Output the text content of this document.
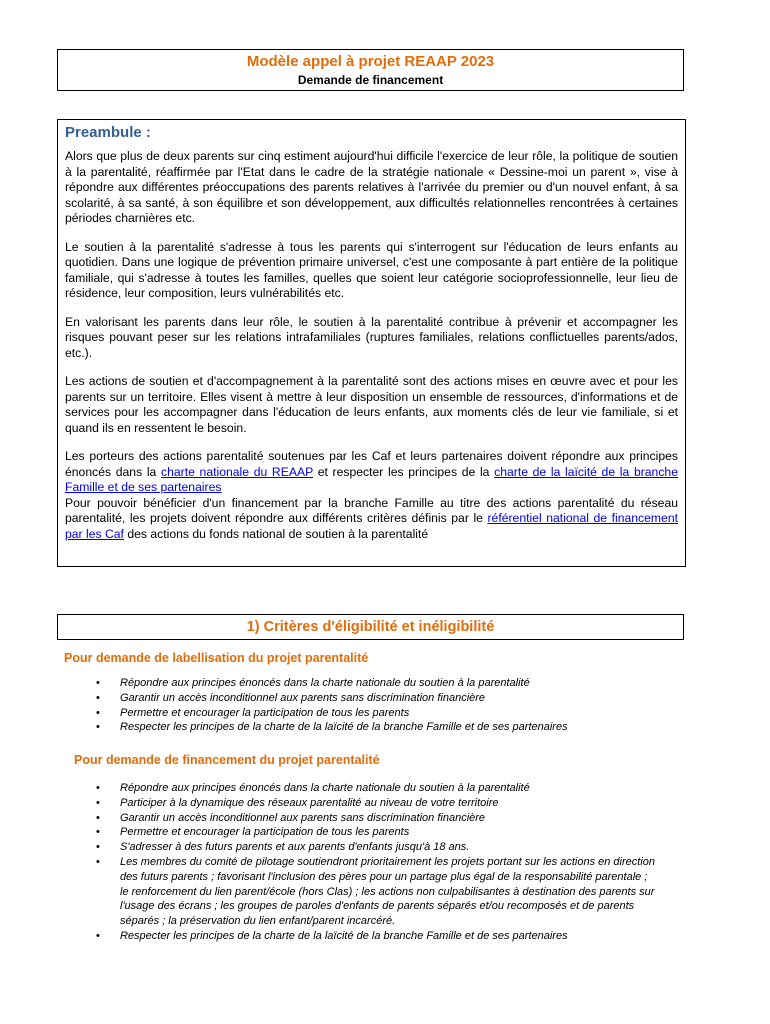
Modèle appel à projet REAAP 2023
Demande de financement
Preambule :

Alors que plus de deux parents sur cinq estiment aujourd'hui difficile l'exercice de leur rôle, la politique de soutien à la parentalité, réaffirmée par l'Etat dans le cadre de la stratégie nationale « Dessine-moi un parent », vise à répondre aux différentes préoccupations des parents relatives à l'arrivée du premier ou d'un nouvel enfant, à sa scolarité, à sa santé, à son équilibre et son développement, aux difficultés relationnelles rencontrées à certaines périodes charnières etc.

Le soutien à la parentalité s'adresse à tous les parents qui s'interrogent sur l'éducation de leurs enfants au quotidien. Dans une logique de prévention primaire universel, c'est une composante à part entière de la politique familiale, qui s'adresse à toutes les familles, quelles que soient leur catégorie socioprofessionnelle, leur lieu de résidence, leur composition, leurs vulnérabilités etc.

En valorisant les parents dans leur rôle, le soutien à la parentalité contribue à prévenir et accompagner les risques pouvant peser sur les relations intrafamiliales (ruptures familiales, relations conflictuelles parents/ados, etc.).

Les actions de soutien et d'accompagnement à la parentalité sont des actions mises en œuvre avec et pour les parents sur un territoire. Elles visent à mettre à leur disposition un ensemble de ressources, d'informations et de services pour les accompagner dans l'éducation de leurs enfants, aux moments clés de leur vie familiale, si et quand ils en ressentent le besoin.

Les porteurs des actions parentalité soutenues par les Caf et leurs partenaires doivent répondre aux principes énoncés dans la charte nationale du REAAP et respecter les principes de la charte de la laïcité de la branche Famille et de ses partenaires

Pour pouvoir bénéficier d'un financement par la branche Famille au titre des actions parentalité du réseau parentalité, les projets doivent répondre aux différents critères définis par le référentiel national de financement par les Caf des actions du fonds national de soutien à la parentalité

1) Critères d'éligibilité et inéligibilité
Pour demande de labellisation du projet parentalité
• Répondre aux principes énoncés dans la charte nationale du soutien à la parentalité
• Garantir un accès inconditionnel aux parents sans discrimination financière
• Permettre et encourager la participation de tous les parents
• Respecter les principes de la charte de la laïcité de la branche Famille et de ses partenaires
Pour demande de financement du projet parentalité
• Répondre aux principes énoncés dans la charte nationale du soutien à la parentalité
• Participer à la dynamique des réseaux parentalité au niveau de votre territoire
• Garantir un accès inconditionnel aux parents sans discrimination financière
• Permettre et encourager la participation de tous les parents
• S'adresser à des futurs parents et aux parents d'enfants jusqu'à 18 ans.
• Les membres du comité de pilotage soutiendront prioritairement les projets portant sur les actions en direction des futurs parents ; favorisant l'inclusion des pères pour un partage plus égal de la responsabilité parentale ; le renforcement du lien parent/école (hors Clas) ; les actions non culpabilisantes à destination des parents sur l'usage des écrans ; les groupes de paroles d'enfants de parents séparés et/ou recomposés et de parents séparés ; la préservation du lien enfant/parent incarcéré.
• Respecter les principes de la charte de la laïcité de la branche Famille et de ses partenaires
